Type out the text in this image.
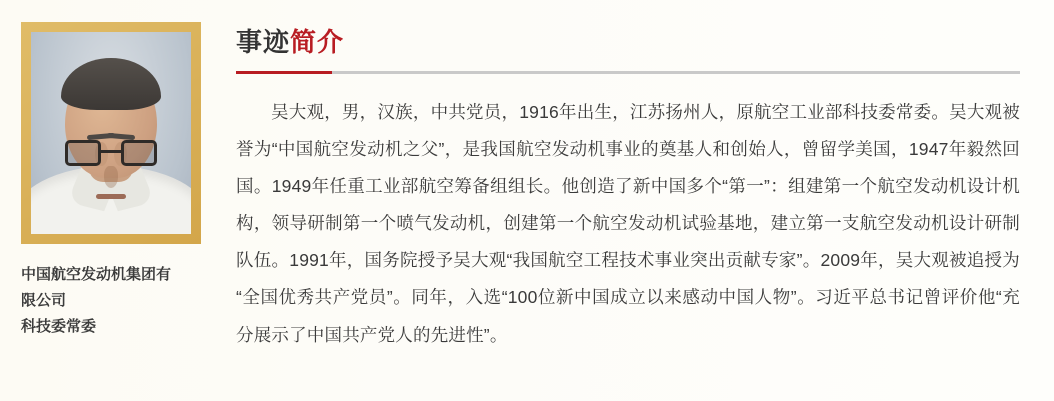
中国航空发动机集团有
限公司
科技委常委
事迹简介

吴大观，男，汉族，中共党员，1916年出生，江苏扬州人，原航空工业部科技委常委。吴大观被誉为“中国航空发动机之父”，是我国航空发动机事业的奠基人和创始人，曾留学美国，1947年毅然回国。1949年任重工业部航空筹备组组长。他创造了新中国多个“第一”：组建第一个航空发动机设计机构，领导研制第一个喷气发动机，创建第一个航空发动机试验基地，建立第一支航空发动机设计研制队伍。1991年，国务院授予吴大观“我国航空工程技术事业突出贡献专家”。2009年，吴大观被追授为“全国优秀共产党员”。同年，入选“100位新中国成立以来感动中国人物”。习近平总书记曾评价他“充分展示了中国共产党人的先进性”。
